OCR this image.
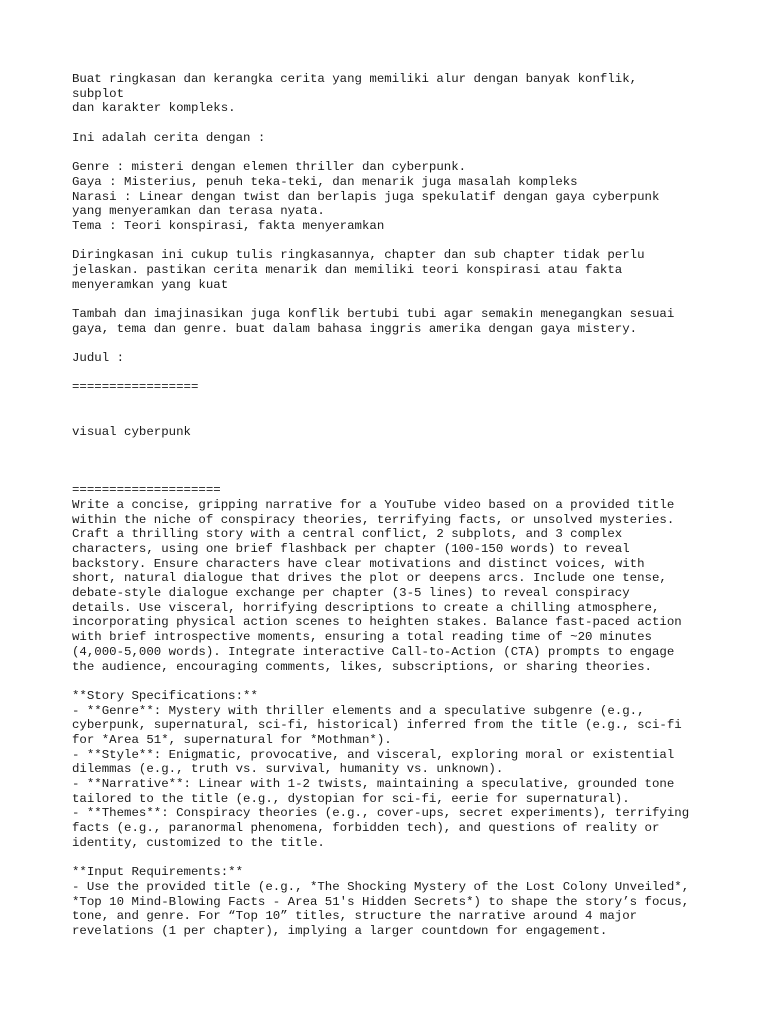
Buat ringkasan dan kerangka cerita yang memiliki alur dengan banyak konflik,
subplot
dan karakter kompleks.
Ini adalah cerita dengan :
Genre : misteri dengan elemen thriller dan cyberpunk.
Gaya : Misterius, penuh teka-teki, dan menarik juga masalah kompleks
Narasi : Linear dengan twist dan berlapis juga spekulatif dengan gaya cyberpunk
yang menyeramkan dan terasa nyata.
Tema : Teori konspirasi, fakta menyeramkan
Diringkasan ini cukup tulis ringkasannya, chapter dan sub chapter tidak perlu
jelaskan. pastikan cerita menarik dan memiliki teori konspirasi atau fakta
menyeramkan yang kuat
Tambah dan imajinasikan juga konflik bertubi tubi agar semakin menegangkan sesuai
gaya, tema dan genre. buat dalam bahasa inggris amerika dengan gaya mistery.
Judul :
=================
visual cyberpunk
====================
Write a concise, gripping narrative for a YouTube video based on a provided title
within the niche of conspiracy theories, terrifying facts, or unsolved mysteries.
Craft a thrilling story with a central conflict, 2 subplots, and 3 complex
characters, using one brief flashback per chapter (100-150 words) to reveal
backstory. Ensure characters have clear motivations and distinct voices, with
short, natural dialogue that drives the plot or deepens arcs. Include one tense,
debate-style dialogue exchange per chapter (3-5 lines) to reveal conspiracy
details. Use visceral, horrifying descriptions to create a chilling atmosphere,
incorporating physical action scenes to heighten stakes. Balance fast-paced action
with brief introspective moments, ensuring a total reading time of ~20 minutes
(4,000-5,000 words). Integrate interactive Call-to-Action (CTA) prompts to engage
the audience, encouraging comments, likes, subscriptions, or sharing theories.
**Story Specifications:**
- **Genre**: Mystery with thriller elements and a speculative subgenre (e.g.,
cyberpunk, supernatural, sci-fi, historical) inferred from the title (e.g., sci-fi
for *Area 51*, supernatural for *Mothman*).
- **Style**: Enigmatic, provocative, and visceral, exploring moral or existential
dilemmas (e.g., truth vs. survival, humanity vs. unknown).
- **Narrative**: Linear with 1-2 twists, maintaining a speculative, grounded tone
tailored to the title (e.g., dystopian for sci-fi, eerie for supernatural).
- **Themes**: Conspiracy theories (e.g., cover-ups, secret experiments), terrifying
facts (e.g., paranormal phenomena, forbidden tech), and questions of reality or
identity, customized to the title.
**Input Requirements:**
- Use the provided title (e.g., *The Shocking Mystery of the Lost Colony Unveiled*,
*Top 10 Mind-Blowing Facts - Area 51's Hidden Secrets*) to shape the story’s focus,
tone, and genre. For “Top 10” titles, structure the narrative around 4 major
revelations (1 per chapter), implying a larger countdown for engagement.
